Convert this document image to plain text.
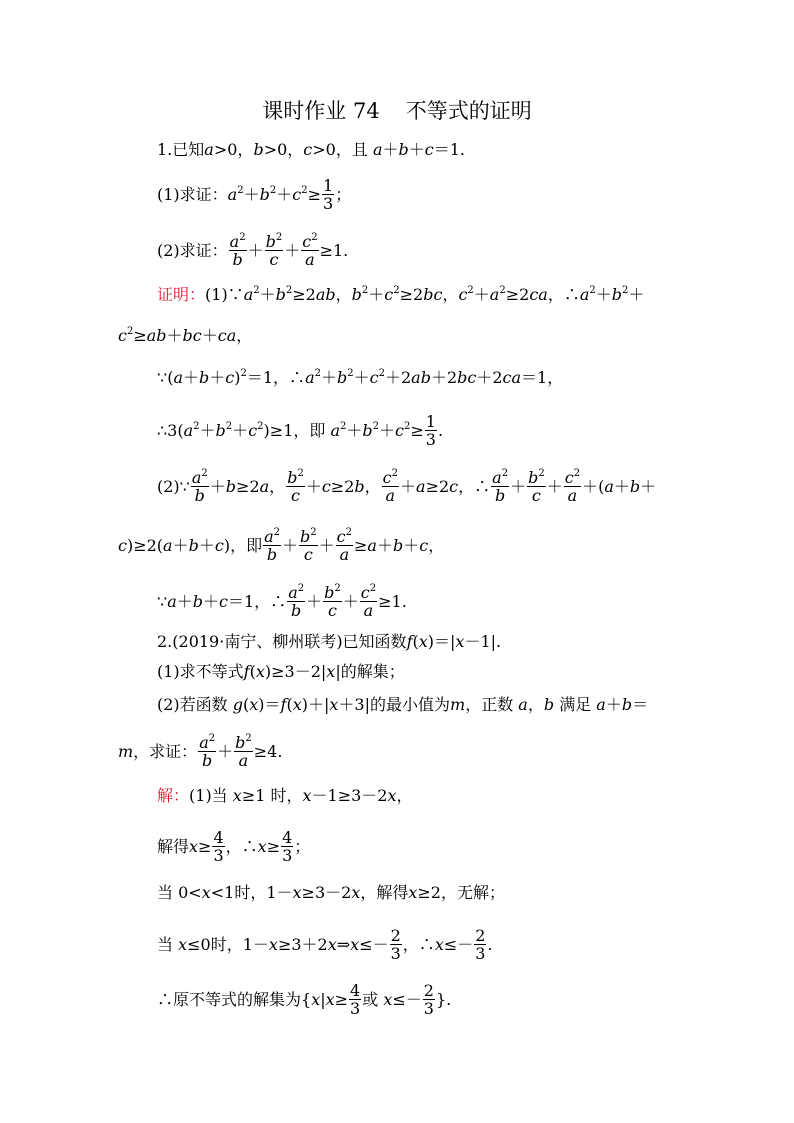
课时作业 74 不等式的证明
1.已知a>0，b>0，c>0，且 a＋b＋c＝1.
(1)求证：$a^2+b^2+c^2\ge \frac{1}{3}$ ；
(2)求证： $\frac{a^2}{b} + \frac{b^2}{c} + \frac{c^2}{a} \ge 1$.
证明：$(1)\because a^2+b^2\ge 2ab$，$b^2+c^2\ge 2bc$，$c^2+a^2\ge 2ca$，$\therefore a^2+b^2+$
$c^2\ge ab+bc+ca$，
$\because(a+b+c)^2=1$，$\therefore a^2+b^2+c^2+2ab+2bc+2ca=1$，
$\therefore 3(a^2+b^2+c^2)\ge 1$，即 $a^2+b^2+c^2\ge \frac{1}{3}$ .
(2)∵ $\frac{a^2}{b} +b\ge 2a$， $\frac{b^2}{c} +c\ge 2b$， $\frac{c^2}{a} +a\ge 2c$，∴ $\frac{a^2}{b} + \frac{b^2}{c} + \frac{c^2}{a} +(a+b+$
c)≥2(a＋b＋c)，即 $\frac{a^2}{b} + \frac{b^2}{c} + \frac{c^2}{a} \ge a+b+c$，
∵a＋b＋c＝1，∴ $\frac{a^2}{b} + \frac{b^2}{c} + \frac{c^2}{a} \ge 1$.
2.(2019·南宁、柳州联考)已知函数f(x)＝|x－1|.
(1)求不等式f(x)≥3－2|x|的解集；
(2)若函数 g(x)＝f(x)＋|x＋3|的最小值为m，正数 a，b 满足 a＋b＝
m，求证： $\frac{a^2}{b} + \frac{b^2}{a} \ge 4$.
解：(1)当 x≥1 时，x－1≥3－2x，
解得$x\ge \frac{4}{3}$ ，∴x≥ $\frac{4}{3}$ ；
当 0<x<1时，1－x≥3－2x，解得x≥2，无解；
当 x≤0时，1－x≥3＋2x⇒x≤－ $\frac{2}{3}$ ，∴x≤－ $\frac{2}{3}$ .
∴原不等式的解集为{$x|x\ge \frac{4}{3}$ 或 $x\le- \frac{2}{3}$ }.
